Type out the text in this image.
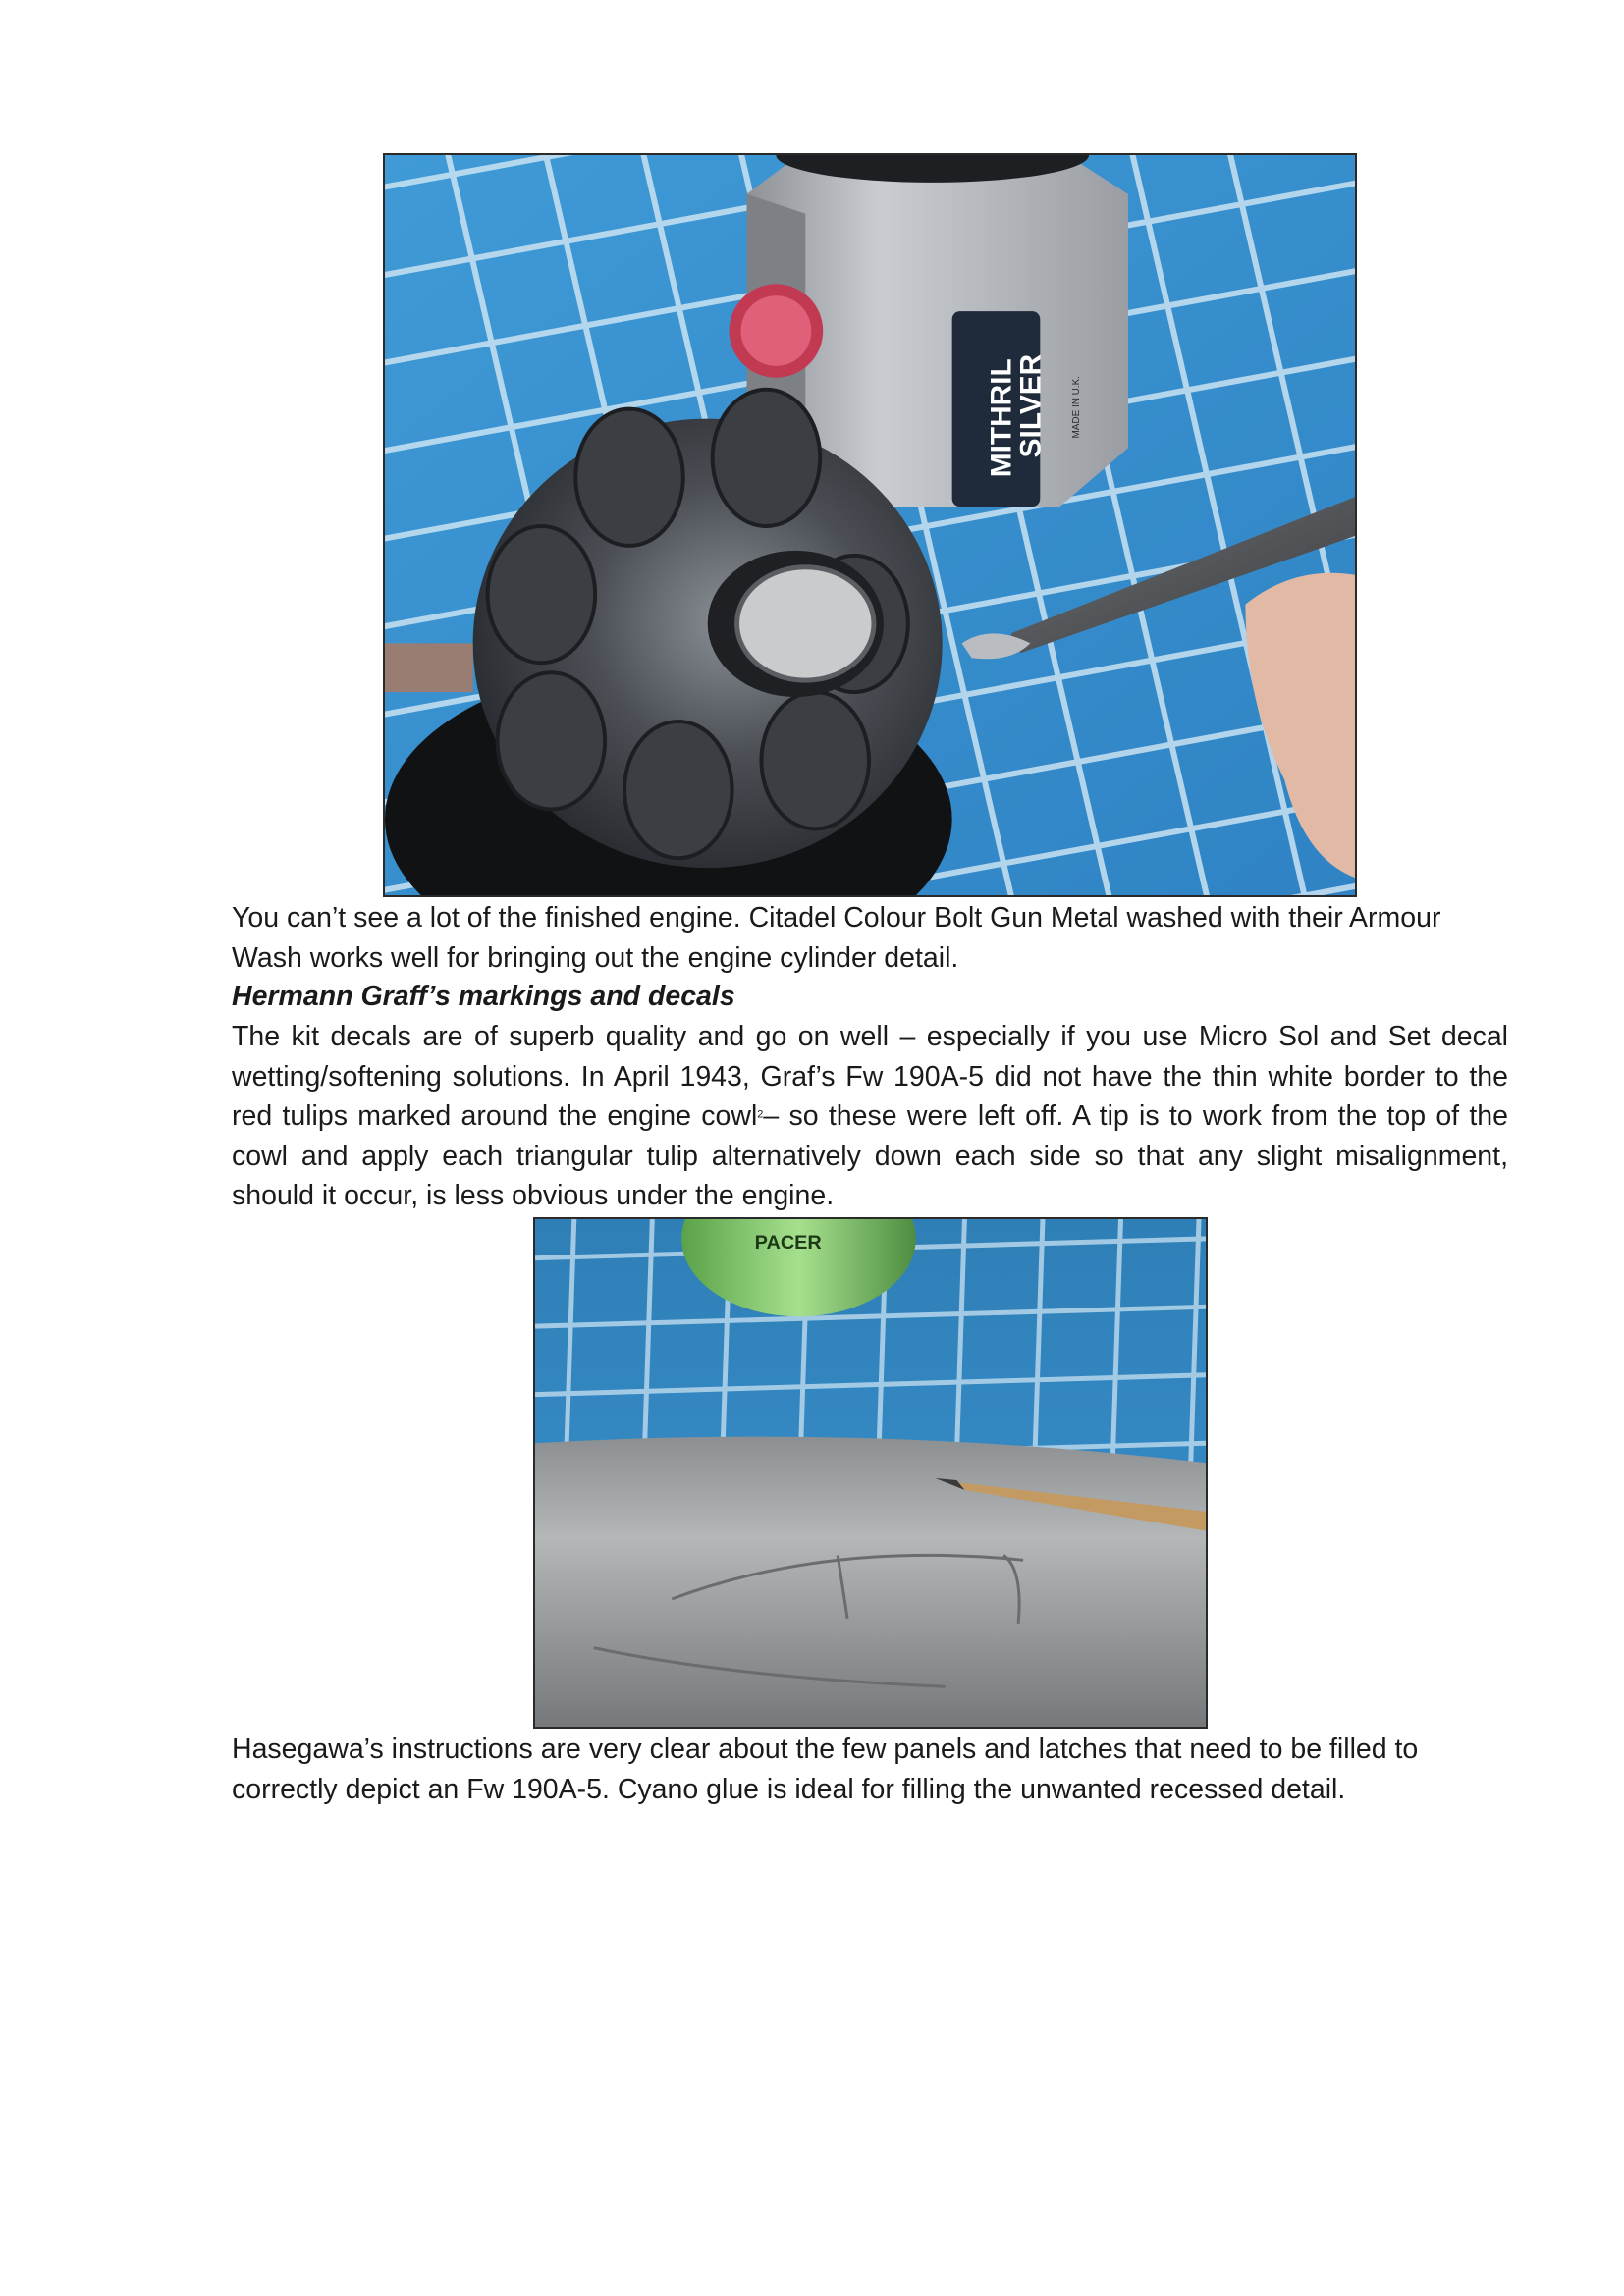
MITHRIL
SILVER MADE IN U.K.

You can’t see a lot of the finished engine. Citadel Colour Bolt Gun Metal washed with their Armour Wash works well for bringing out the engine cylinder detail.

Hermann Graff’s markings and decals

The kit decals are of superb quality and go on well – especially if you use Micro Sol and Set decal wetting/softening solutions. In April 1943, Graf’s Fw 190A-5 did not have the thin white border to the red tulips marked around the engine cowl$^2$– so these were left off. A tip is to work from the top of the cowl and apply each triangular tulip alternatively down each side so that any slight misalignment, should it occur, is less obvious under the engine.

PACER

Hasegawa’s instructions are very clear about the few panels and latches that need to be filled to correctly depict an Fw 190A-5. Cyano glue is ideal for filling the unwanted recessed detail.
